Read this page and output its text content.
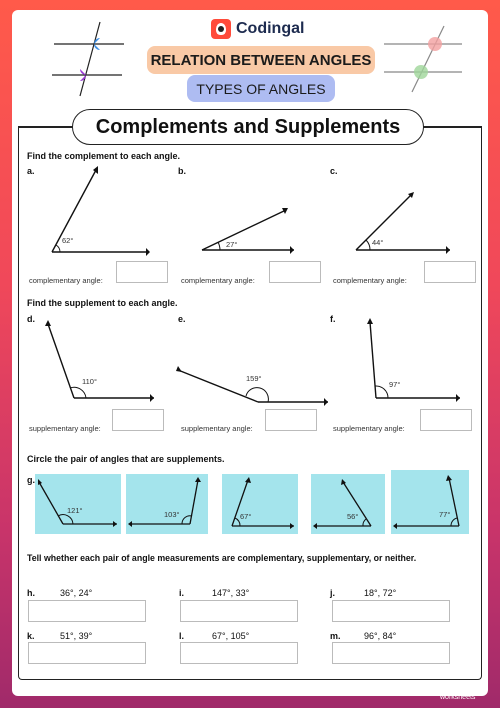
Codingal
RELATION BETWEEN ANGLES
TYPES OF ANGLES
Complements and Supplements
Find the complement to each angle.
a.
62°
complementary angle:
b.
27°
complementary angle:
c.
44°
complementary angle:
Find the supplement to each angle.
d.
110°
supplementary angle:
e.
159°
supplementary angle:
f.
97°
supplementary angle:
Circle the pair of angles that are supplements.
g.
121°	103°	67°	56°	77°
Tell whether each pair of angle measurements are complementary, supplementary, or neither.
h.	36°, 24°	i.	147°, 33°	j.	18°, 72°
k.	51°, 39°	l.	67°, 105°	m.	96°, 84°
TOP
worksheets
